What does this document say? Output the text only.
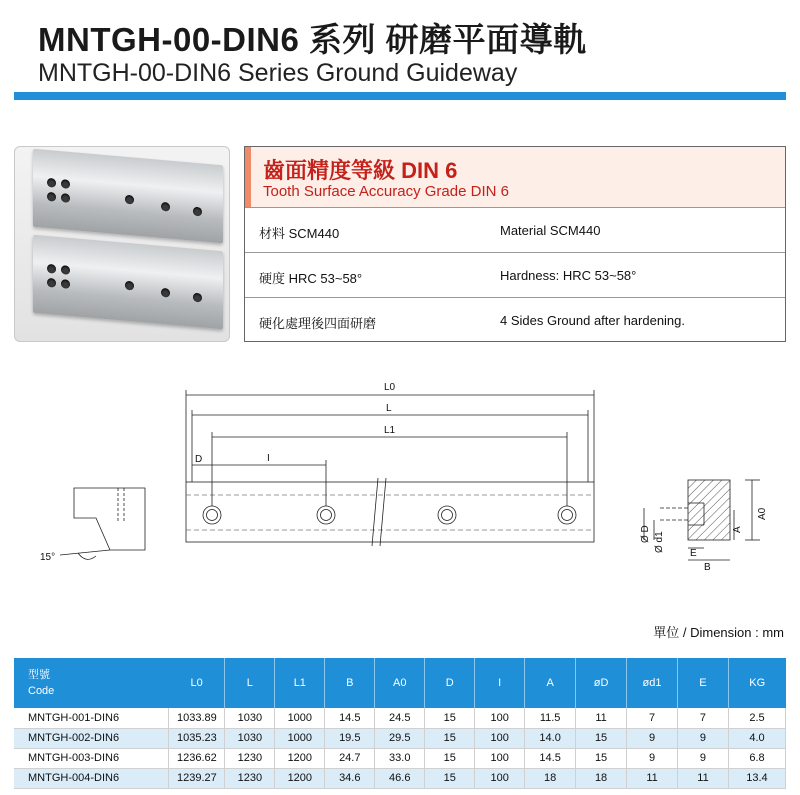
MNTGH-00-DIN6 系列 研磨平面導軌
MNTGH-00-DIN6 Series Ground Guideway
齒面精度等級 DIN 6
Tooth Surface Accuracy Grade DIN 6
材料 SCM440	Material SCM440
硬度 HRC 53~58°	Hardness: HRC 53~58°
硬化處理後四面研磨	4 Sides Ground after hardening.
L0
L
L1
D	I
15°
A0
A
Ø D Ø d1
E
B
單位 / Dimension : mm
型號
Code	L0	L	L1	B	A0	D	I	A	øD	ød1	E	KG
MNTGH-001-DIN6	1033.89	1030	1000	14.5	24.5	15	100	11.5	11	7	7	2.5
MNTGH-002-DIN6	1035.23	1030	1000	19.5	29.5	15	100	14.0	15	9	9	4.0
MNTGH-003-DIN6	1236.62	1230	1200	24.7	33.0	15	100	14.5	15	9	9	6.8
MNTGH-004-DIN6	1239.27	1230	1200	34.6	46.6	15	100	18	18	11	11	13.4
